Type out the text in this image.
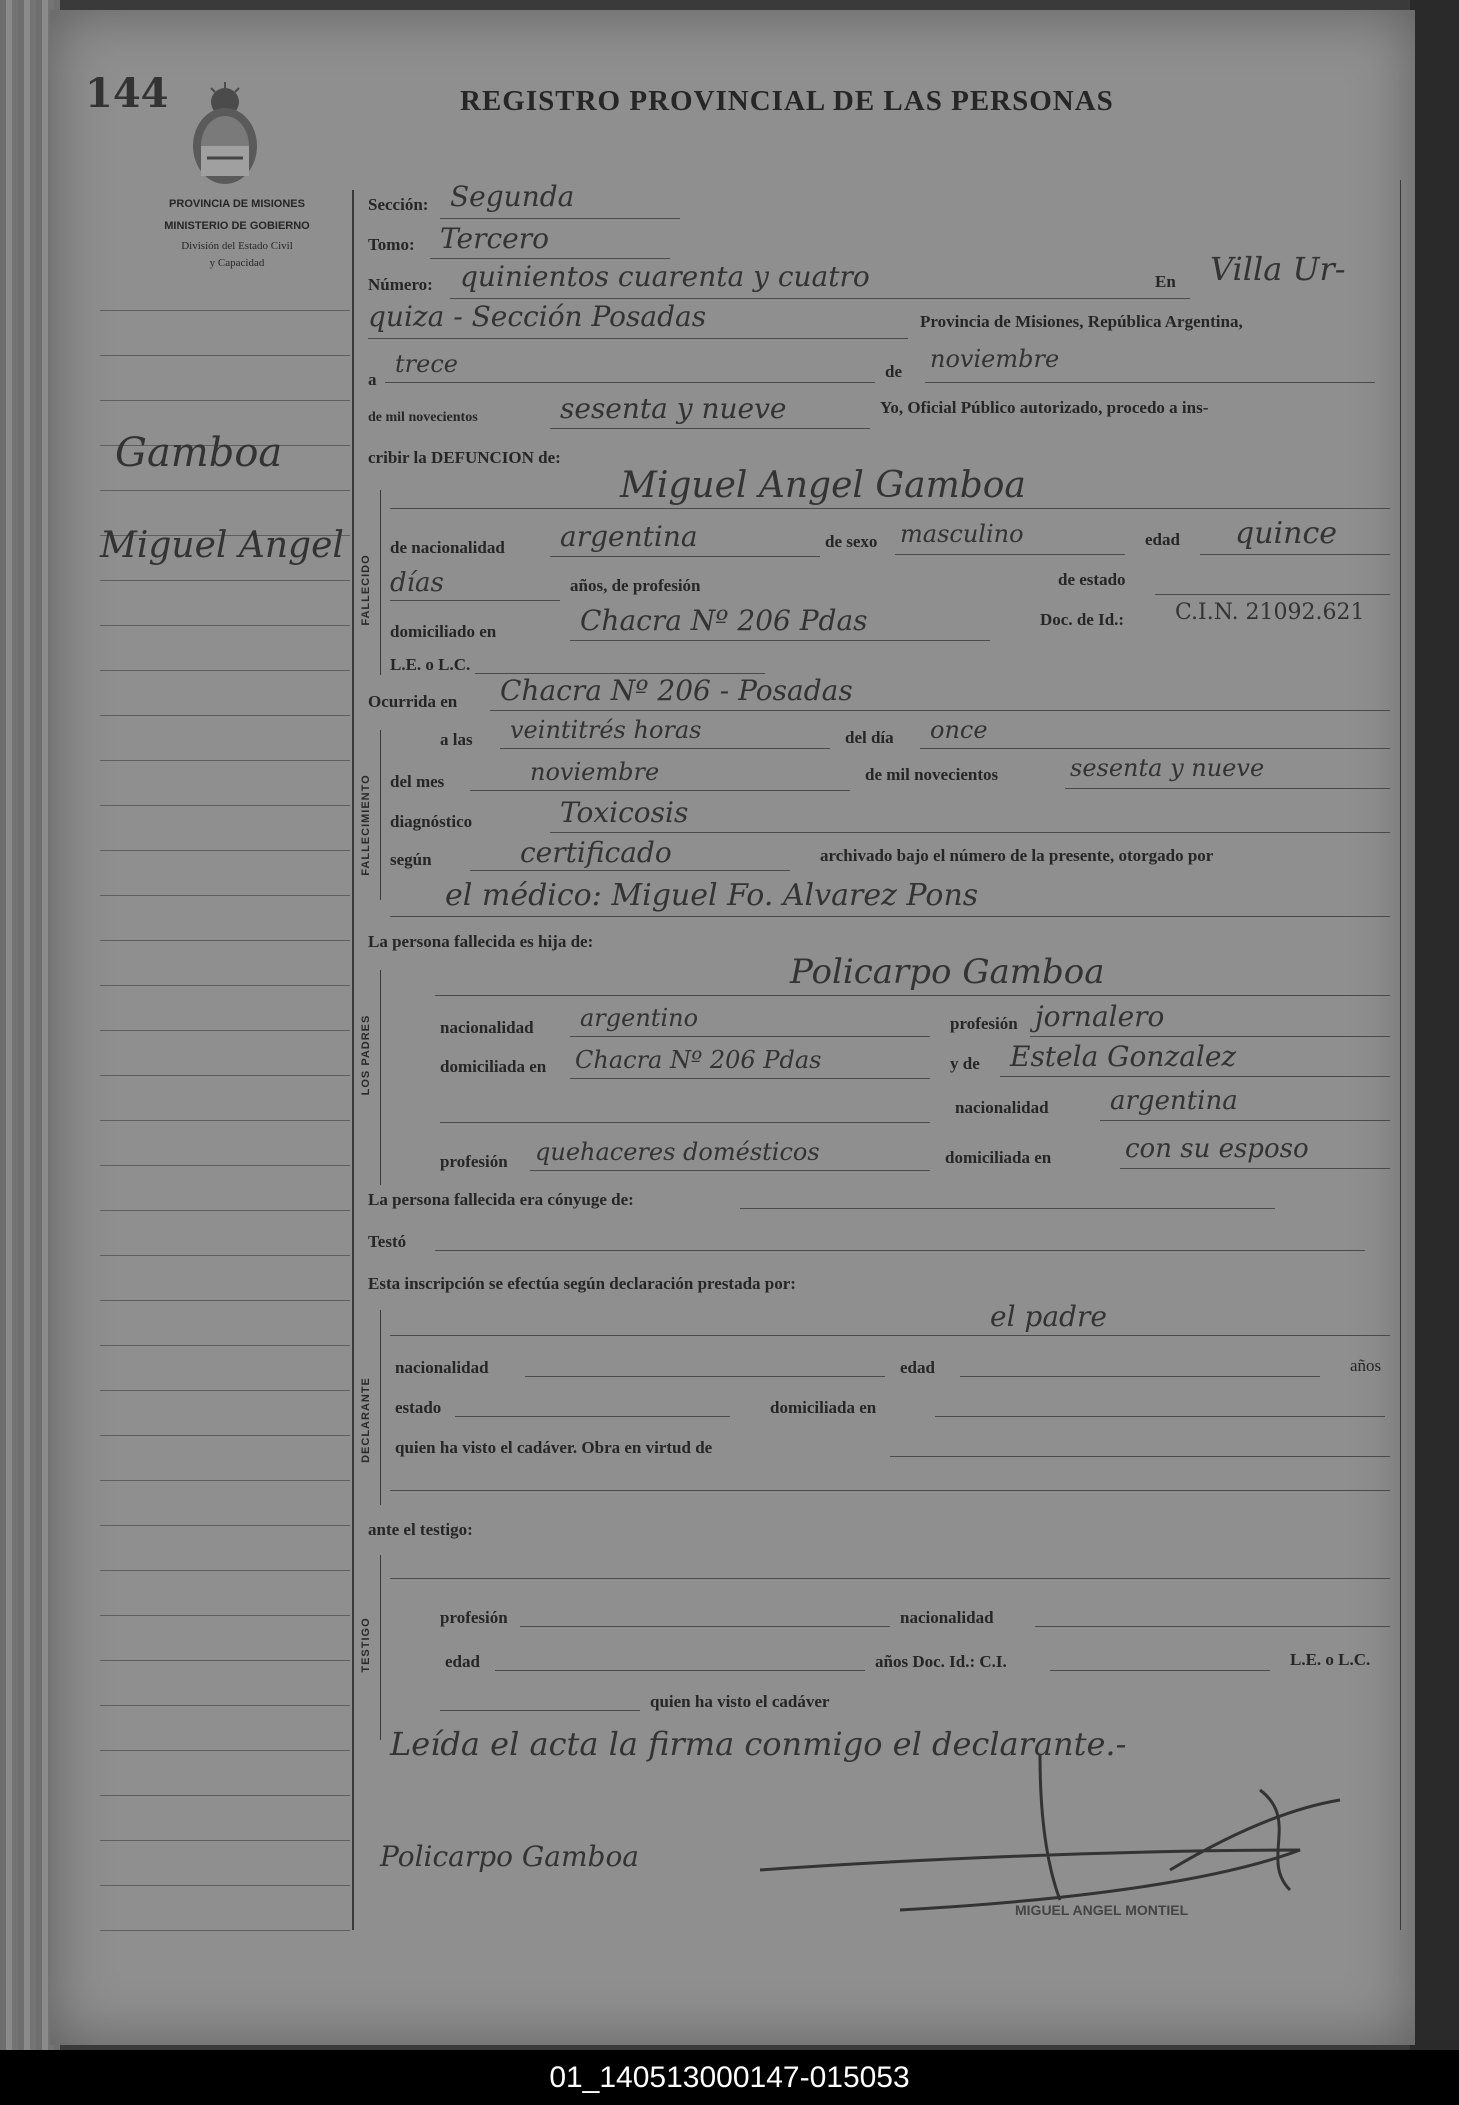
144	REGISTRO PROVINCIAL DE LAS PERSONAS
PROVINCIA DE MISIONES
MINISTERIO DE GOBIERNO
División del Estado Civil
y Capacidad
Gamboa
Miguel Angel
Sección: Segunda
Tomo: Tercero
Número: quinientos cuarenta y cuatro	En Villa Ur-
quiza - Sección Posadas	Provincia de Misiones, República Argentina,
a
trece	de noviembre
de mil novecientos	sesenta y nueve	Yo, Oficial Público autorizado, procedo a ins-
cribir la DEFUNCION de:
FALLECIDO
Miguel Angel Gamboa
de nacionalidad argentina	de sexo masculino	edad quince
días	años, de profesión	de estado
domiciliado en	Chacra Nº 206 Pdas	Doc. de Id.: C.I.N. 21092.621
L.E. o L.C.
Ocurrida en Chacra Nº 206 - Posadas
FALLECIMIENTO
a las veintitrés horas	del día once
del mes	noviembre	de mil novecientos	sesenta y nueve
diagnóstico	Toxicosis
según	certificado	archivado bajo el número de la presente, otorgado por
el médico: Miguel Fo. Alvarez Pons
La persona fallecida es hija de:
LOS PADRES
Policarpo Gamboa
nacionalidad argentino	profesión jornalero
domiciliada en Chacra Nº 206 Pdas	y de Estela Gonzalez
nacionalidad argentina
profesión quehaceres domésticos	domiciliada en	con su esposo
La persona fallecida era cónyuge de:
Testó
Esta inscripción se efectúa según declaración prestada por:
DECLARANTE
el padre
nacionalidad	edad	años
estado	domiciliada en
quien ha visto el cadáver. Obra en virtud de
ante el testigo:
TESTIGO	profesión	nacionalidad
edad	años Doc. Id.: C.I.	L.E. o L.C.
quien ha visto el cadáver
Leída el acta la firma conmigo el declarante.-
Policarpo Gamboa
MIGUEL ANGEL MONTIEL
01_140513000147-015053
